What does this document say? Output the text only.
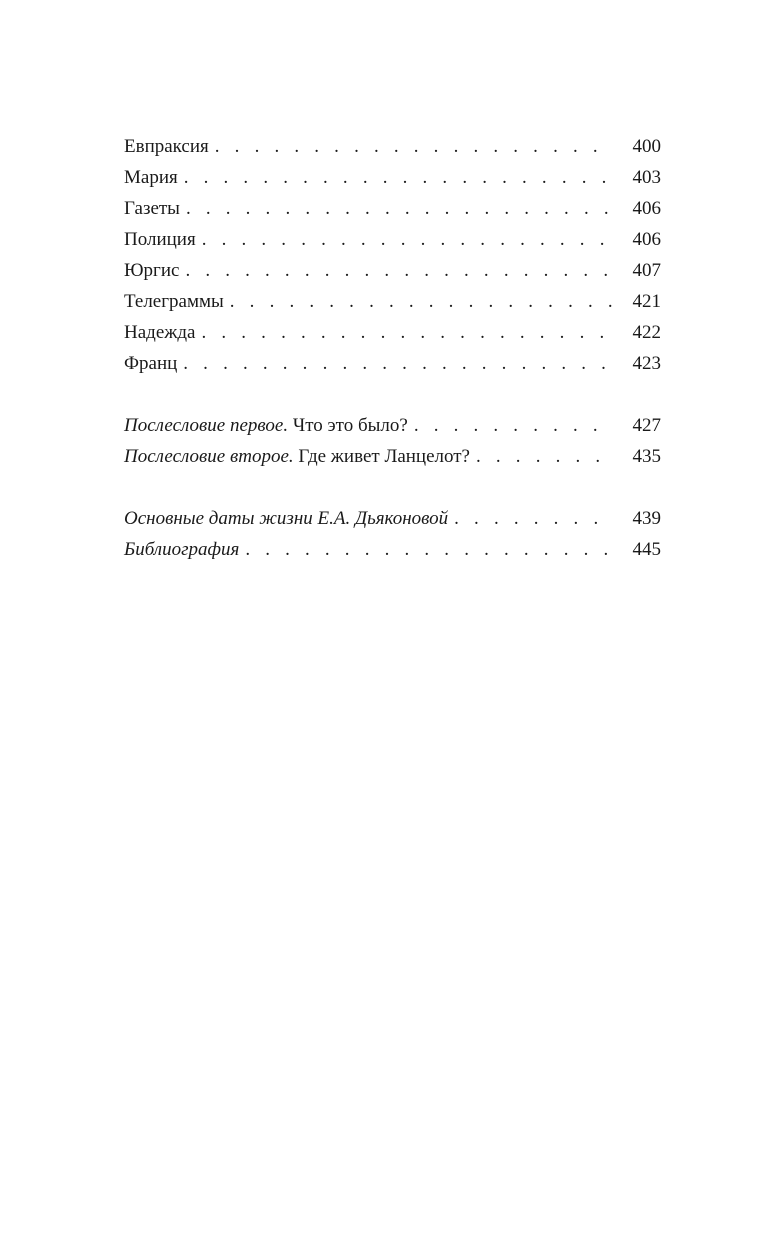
Евпраксия . . .	400
Мария . . .	403
Газеты . . .	406
Полиция . . .	406
Юргис . . .	407
Телеграммы . . .	421
Надежда . . .	422
Франц . . .	423
Послесловие первое. Что это было? . . .	427
Послесловие второе. Где живет Ланцелот? . . .	435
Основные даты жизни Е.А. Дьяконовой . . .	439
Библиография . . .	445
